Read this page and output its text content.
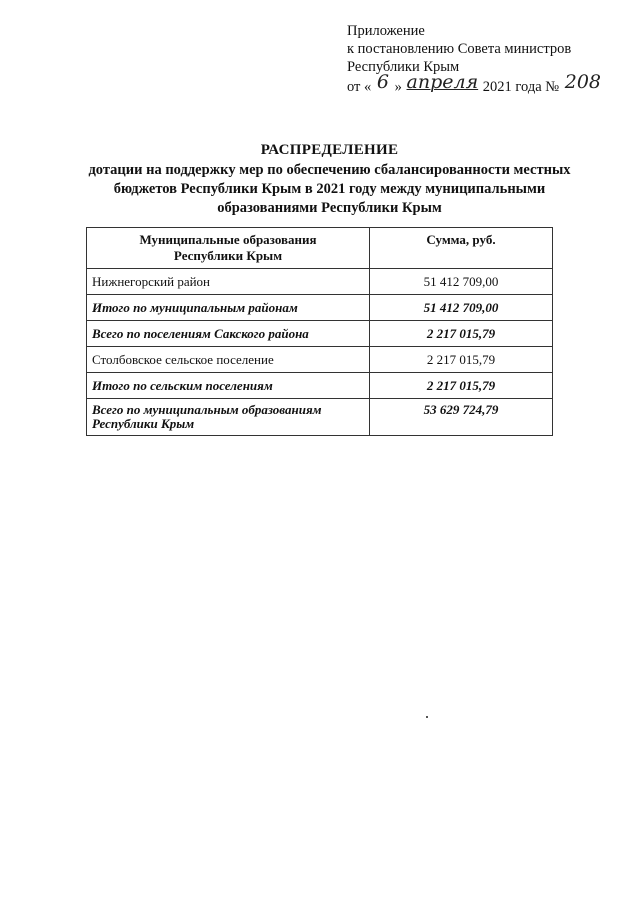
Приложение
к постановлению Совета министров
Республики Крым
от « 6 » апреля 2021 года № 208
РАСПРЕДЕЛЕНИЕ
дотации на поддержку мер по обеспечению сбалансированности местных бюджетов Республики Крым в 2021 году между муниципальными образованиями Республики Крым
Муниципальные образования
Республики Крым	Сумма, руб.
Нижнегорский район	51 412 709,00
Итого по муниципальным районам	51 412 709,00
Всего по поселениям Сакского района	2 217 015,79
Столбовское сельское поселение	2 217 015,79
Итого по сельским поселениям	2 217 015,79
Всего по муниципальным образованиям
Республики Крым	53 629 724,79
